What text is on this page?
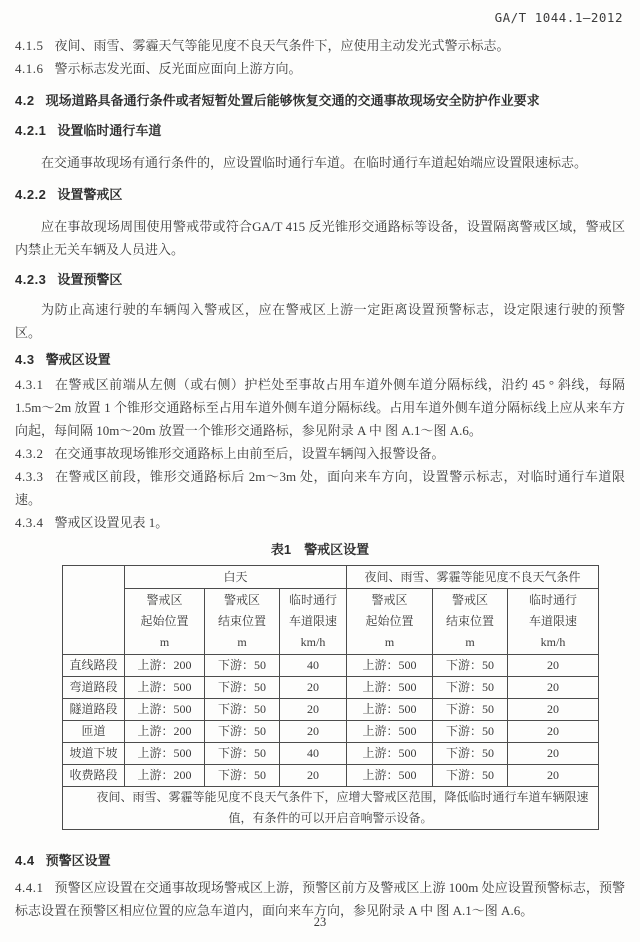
GA/T 1044.1—2012

4.1.5 夜间、雨雪、雾霾天气等能见度不良天气条件下，应使用主动发光式警示标志。

4.1.6 警示标志发光面、反光面应面向上游方向。

4.2 现场道路具备通行条件或者短暂处置后能够恢复交通的交通事故现场安全防护作业要求

4.2.1 设置临时通行车道

在交通事故现场有通行条件的，应设置临时通行车道。在临时通行车道起始端应设置限速标志。

4.2.2 设置警戒区

应在事故现场周围使用警戒带或符合GA/T 415 反光锥形交通路标等设备，设置隔离警戒区域，警戒区内禁止无关车辆及人员进入。

4.2.3 设置预警区

为防止高速行驶的车辆闯入警戒区，应在警戒区上游一定距离设置预警标志，设定限速行驶的预警区。

4.3 警戒区设置

4.3.1 在警戒区前端从左侧（或右侧）护栏处至事故占用车道外侧车道分隔标线，沿约 45 ° 斜线，每隔 1.5m～2m 放置 1 个锥形交通路标至占用车道外侧车道分隔标线。占用车道外侧车道分隔标线上应从来车方向起，每间隔 10m～20m 放置一个锥形交通路标，参见附录 A 中 图 A.1～图 A.6。

4.3.2 在交通事故现场锥形交通路标上由前至后，设置车辆闯入报警设备。

4.3.3 在警戒区前段，锥形交通路标后 2m～3m 处，面向来车方向，设置警示标志，对临时通行车道限速。

4.3.4 警戒区设置见表 1。

表1　警戒区设置
	白天			夜间、雨雪、雾霾等能见度不良天气条件		
	警戒区
起始位置
m	警戒区
结束位置
m	临时通行
车道限速
km/h	警戒区
起始位置
m	警戒区
结束位置
m	临时通行
车道限速
km/h
直线路段	上游：200	下游：50	40	上游：500	下游：50	20
弯道路段	上游：500	下游：50	20	上游：500	下游：50	20
隧道路段	上游：500	下游：50	20	上游：500	下游：50	20
匝道	上游：200	下游：50	20	上游：500	下游：50	20
坡道下坡	上游：500	下游：50	40	上游：500	下游：50	20
收费路段	上游：200	下游：50	20	上游：500	下游：50	20
夜间、雨雪、雾霾等能见度不良天气条件下，应增大警戒区范围，降低临时通行车道车辆限速值，有条件的可以开启音响警示设备。						

4.4 预警区设置

4.4.1 预警区应设置在交通事故现场警戒区上游，预警区前方及警戒区上游 100m 处应设置预警标志，预警标志设置在预警区相应位置的应急车道内，面向来车方向，参见附录 A 中 图 A.1～图 A.6。

23
